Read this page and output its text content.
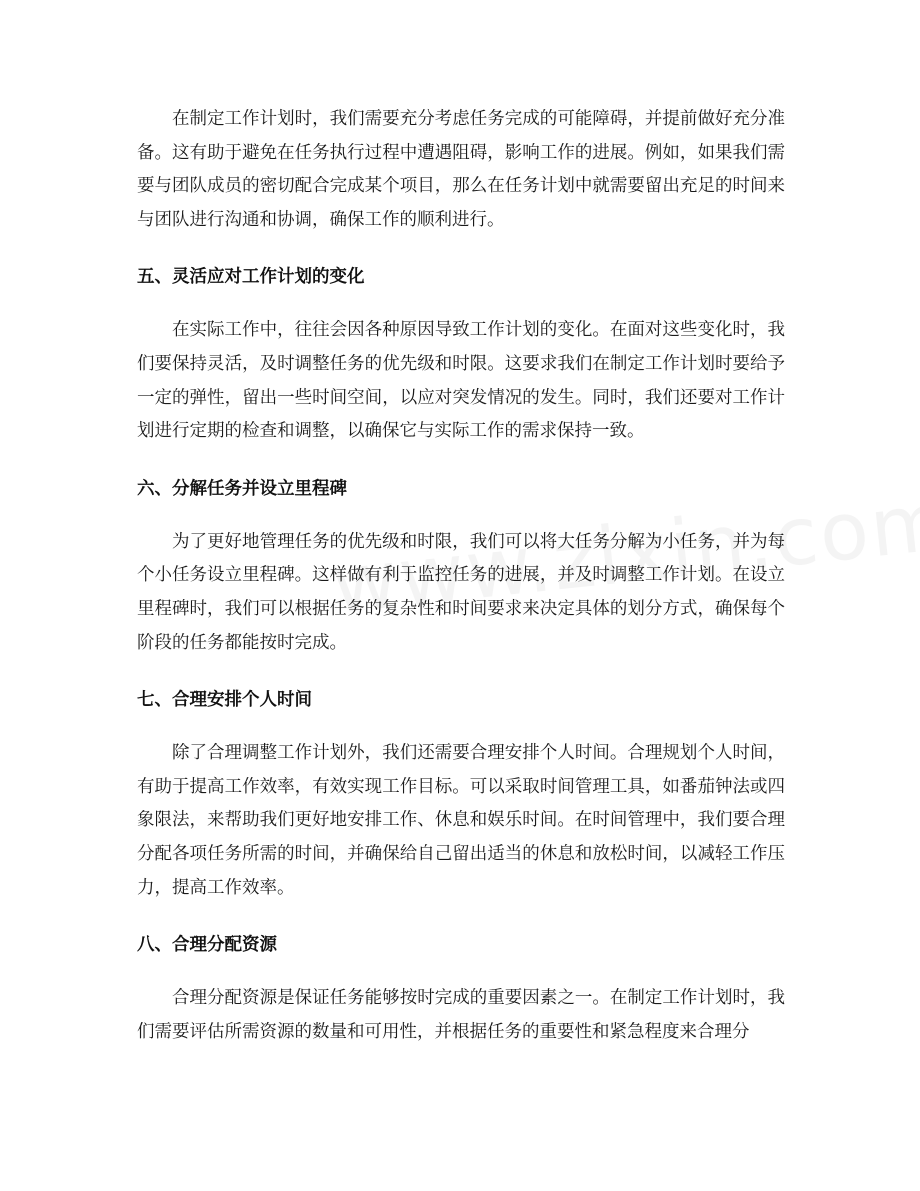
在制定工作计划时，我们需要充分考虑任务完成的可能障碍，并提前做好充分准备。这有助于避免在任务执行过程中遭遇阻碍，影响工作的进展。例如，如果我们需要与团队成员的密切配合完成某个项目，那么在任务计划中就需要留出充足的时间来与团队进行沟通和协调，确保工作的顺利进行。

五、灵活应对工作计划的变化

在实际工作中，往往会因各种原因导致工作计划的变化。在面对这些变化时，我们要保持灵活，及时调整任务的优先级和时限。这要求我们在制定工作计划时要给予一定的弹性，留出一些时间空间，以应对突发情况的发生。同时，我们还要对工作计划进行定期的检查和调整，以确保它与实际工作的需求保持一致。

六、分解任务并设立里程碑

为了更好地管理任务的优先级和时限，我们可以将大任务分解为小任务，并为每个小任务设立里程碑。这样做有利于监控任务的进展，并及时调整工作计划。在设立里程碑时，我们可以根据任务的复杂性和时间要求来决定具体的划分方式，确保每个阶段的任务都能按时完成。

七、合理安排个人时间

除了合理调整工作计划外，我们还需要合理安排个人时间。合理规划个人时间，有助于提高工作效率，有效实现工作目标。可以采取时间管理工具，如番茄钟法或四象限法，来帮助我们更好地安排工作、休息和娱乐时间。在时间管理中，我们要合理分配各项任务所需的时间，并确保给自己留出适当的休息和放松时间，以减轻工作压力，提高工作效率。

八、合理分配资源

合理分配资源是保证任务能够按时完成的重要因素之一。在制定工作计划时，我们需要评估所需资源的数量和可用性，并根据任务的重要性和紧急程度来合理分
